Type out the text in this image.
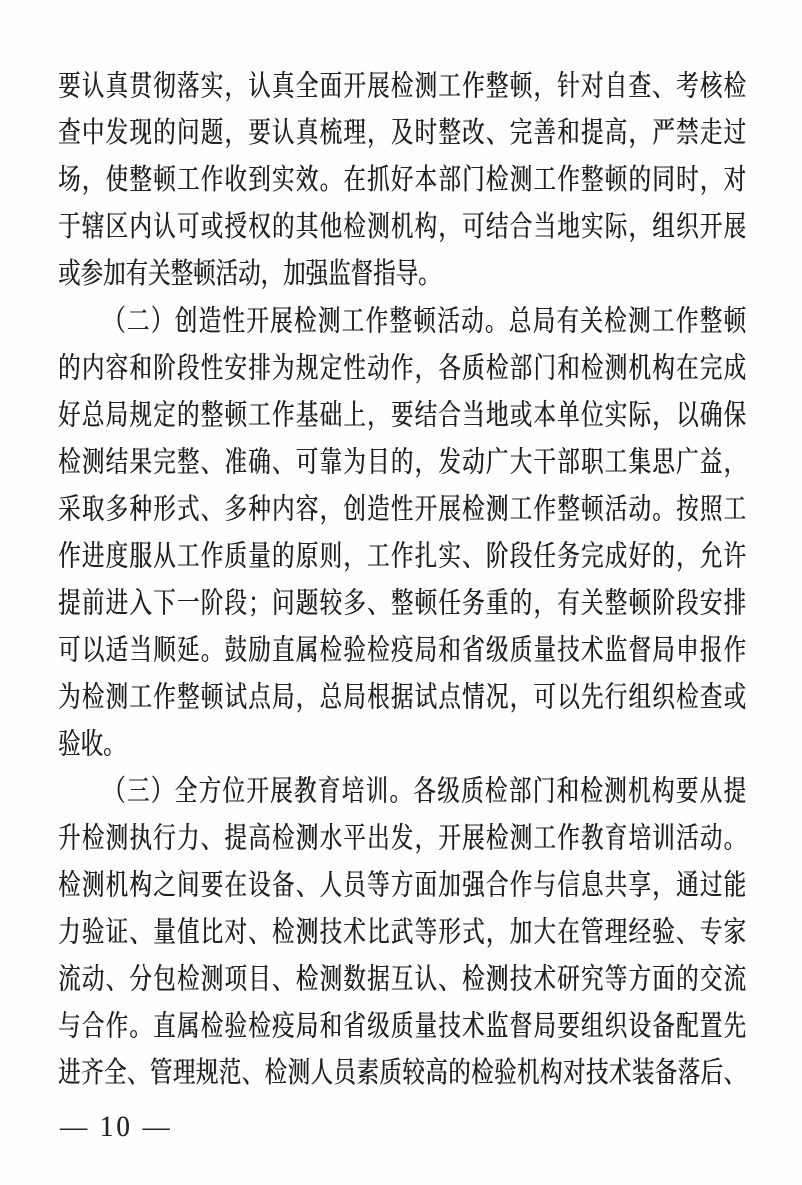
要认真贯彻落实，认真全面开展检测工作整顿，针对自查、考核检
查中发现的问题，要认真梳理，及时整改、完善和提高，严禁走过
场，使整顿工作收到实效。在抓好本部门检测工作整顿的同时，对
于辖区内认可或授权的其他检测机构，可结合当地实际，组织开展
或参加有关整顿活动，加强监督指导。
（二）创造性开展检测工作整顿活动。总局有关检测工作整顿
的内容和阶段性安排为规定性动作，各质检部门和检测机构在完成
好总局规定的整顿工作基础上，要结合当地或本单位实际，以确保
检测结果完整、准确、可靠为目的，发动广大干部职工集思广益，
采取多种形式、多种内容，创造性开展检测工作整顿活动。按照工
作进度服从工作质量的原则，工作扎实、阶段任务完成好的，允许
提前进入下一阶段；问题较多、整顿任务重的，有关整顿阶段安排
可以适当顺延。鼓励直属检验检疫局和省级质量技术监督局申报作
为检测工作整顿试点局，总局根据试点情况，可以先行组织检查或
验收。
（三）全方位开展教育培训。各级质检部门和检测机构要从提
升检测执行力、提高检测水平出发，开展检测工作教育培训活动。
检测机构之间要在设备、人员等方面加强合作与信息共享，通过能
力验证、量值比对、检测技术比武等形式，加大在管理经验、专家
流动、分包检测项目、检测数据互认、检测技术研究等方面的交流
与合作。直属检验检疫局和省级质量技术监督局要组织设备配置先
进齐全、管理规范、检测人员素质较高的检验机构对技术装备落后、
— 10 —
